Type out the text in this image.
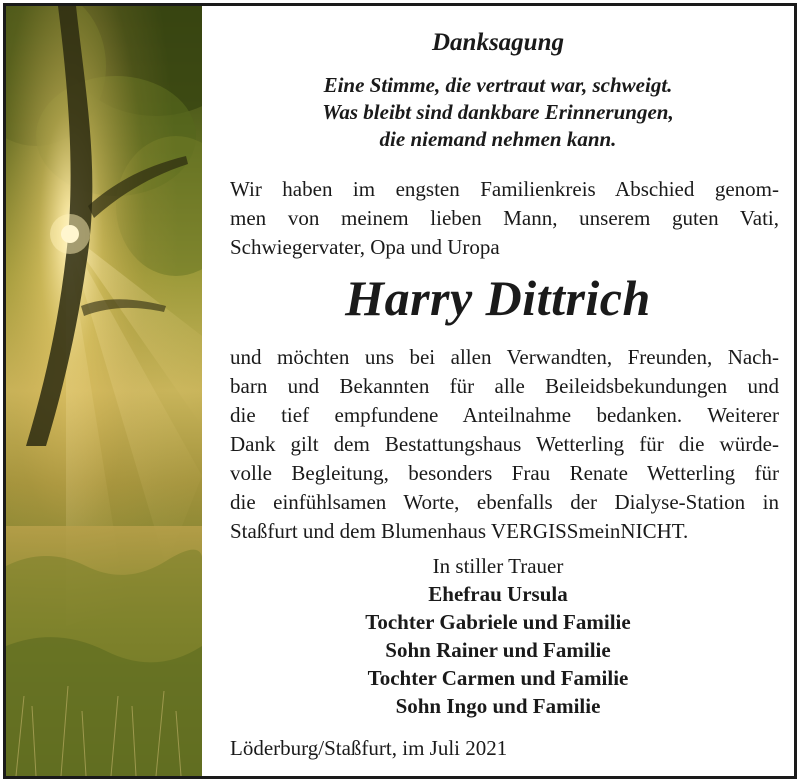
Danksagung
Eine Stimme, die vertraut war, schweigt.
Was bleibt sind dankbare Erinnerungen,
die niemand nehmen kann.
Wir haben im engsten Familienkreis Abschied genom-
men von meinem lieben Mann, unserem guten Vati,
Schwiegervater, Opa und Uropa
Harry Dittrich
und möchten uns bei allen Verwandten, Freunden, Nach-
barn und Bekannten für alle Beileidsbekundungen und
die tief empfundene Anteilnahme bedanken. Weiterer
Dank gilt dem Bestattungshaus Wetterling für die würde-
volle Begleitung, besonders Frau Renate Wetterling für
die einfühlsamen Worte, ebenfalls der Dialyse-Station in
Staßfurt und dem Blumenhaus VERGISSmeinNICHT.
In stiller Trauer
Ehefrau Ursula
Tochter Gabriele und Familie
Sohn Rainer und Familie
Tochter Carmen und Familie
Sohn Ingo und Familie
Löderburg/Staßfurt, im Juli 2021
